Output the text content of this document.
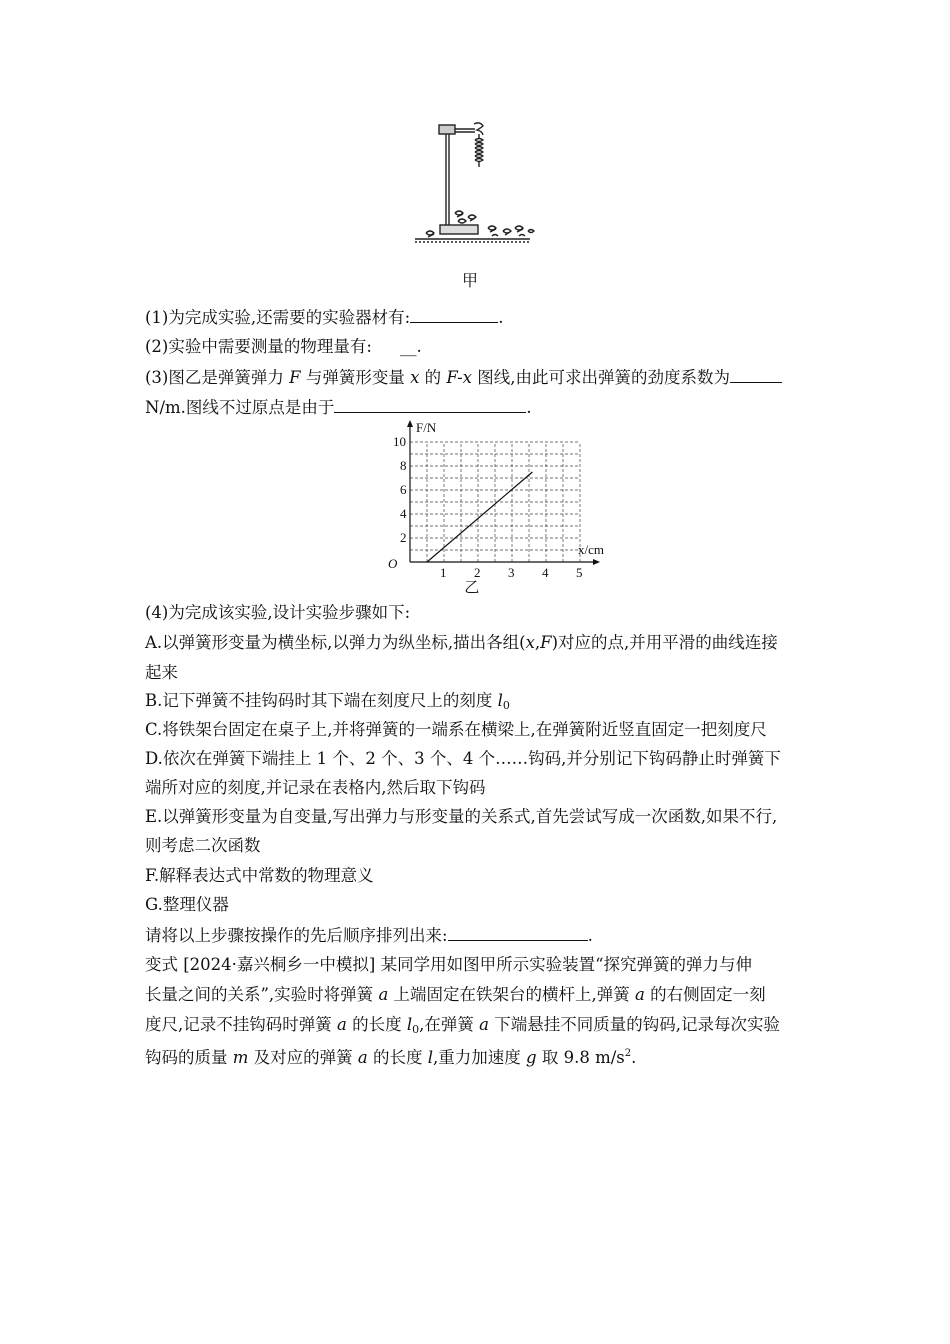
甲
(1)为完成实验,还需要的实验器材有:	.
(2)实验中需要测量的物理量有: __.
(3)图乙是弹簧弹力 F 与弹簧形变量 x 的 F-x 图线,由此可求出弹簧的劲度系数为
N/m.图线不过原点是由于	.
F/N
x/cm
O
1 2 3 4 5
2
4
6
8
10
乙
(4)为完成该实验,设计实验步骤如下:
A.以弹簧形变量为横坐标,以弹力为纵坐标,描出各组(x,F)对应的点,并用平滑的曲线连接
起来
B.记下弹簧不挂钩码时其下端在刻度尺上的刻度 $l_0$
C.将铁架台固定在桌子上,并将弹簧的一端系在横梁上,在弹簧附近竖直固定一把刻度尺
D.依次在弹簧下端挂上 1 个、2 个、3 个、4 个……钩码,并分别记下钩码静止时弹簧下
端所对应的刻度,并记录在表格内,然后取下钩码
E.以弹簧形变量为自变量,写出弹力与形变量的关系式,首先尝试写成一次函数,如果不行,
则考虑二次函数
F.解释表达式中常数的物理意义
G.整理仪器
请将以上步骤按操作的先后顺序排列出来:	.
变式 [2024·嘉兴桐乡一中模拟] 某同学用如图甲所示实验装置“探究弹簧的弹力与伸
长量之间的关系”,实验时将弹簧 a 上端固定在铁架台的横杆上,弹簧 a 的右侧固定一刻
度尺,记录不挂钩码时弹簧 a 的长度 $l_0$,在弹簧 a 下端悬挂不同质量的钩码,记录每次实验
钩码的质量 m 及对应的弹簧 a 的长度 l,重力加速度 g 取 9.8 $m/s^2$.
